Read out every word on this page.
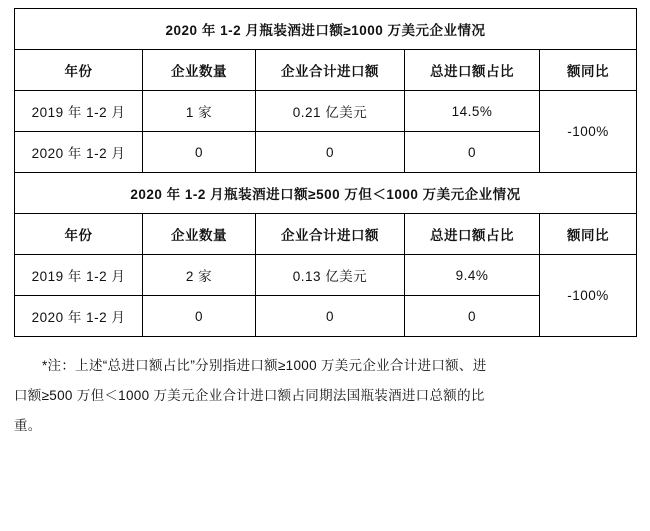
2020 年 1-2 月瓶装酒进口额≥1000 万美元企业情况				
年份	企业数量	企业合计进口额	总进口额占比	额同比
2019 年 1-2 月	1 家	0.21 亿美元	14.5%	-100%
2020 年 1-2 月	0	0	0	
2020 年 1-2 月瓶装酒进口额≥500 万但＜1000 万美元企业情况				
年份	企业数量	企业合计进口额	总进口额占比	额同比
2019 年 1-2 月	2 家	0.13 亿美元	9.4%	-100%
2020 年 1-2 月	0	0	0	

*注：上述“总进口额占比”分别指进口额≥1000 万美元企业合计进口额、进

口额≥500 万但＜1000 万美元企业合计进口额占同期法国瓶装酒进口总额的比

重。
